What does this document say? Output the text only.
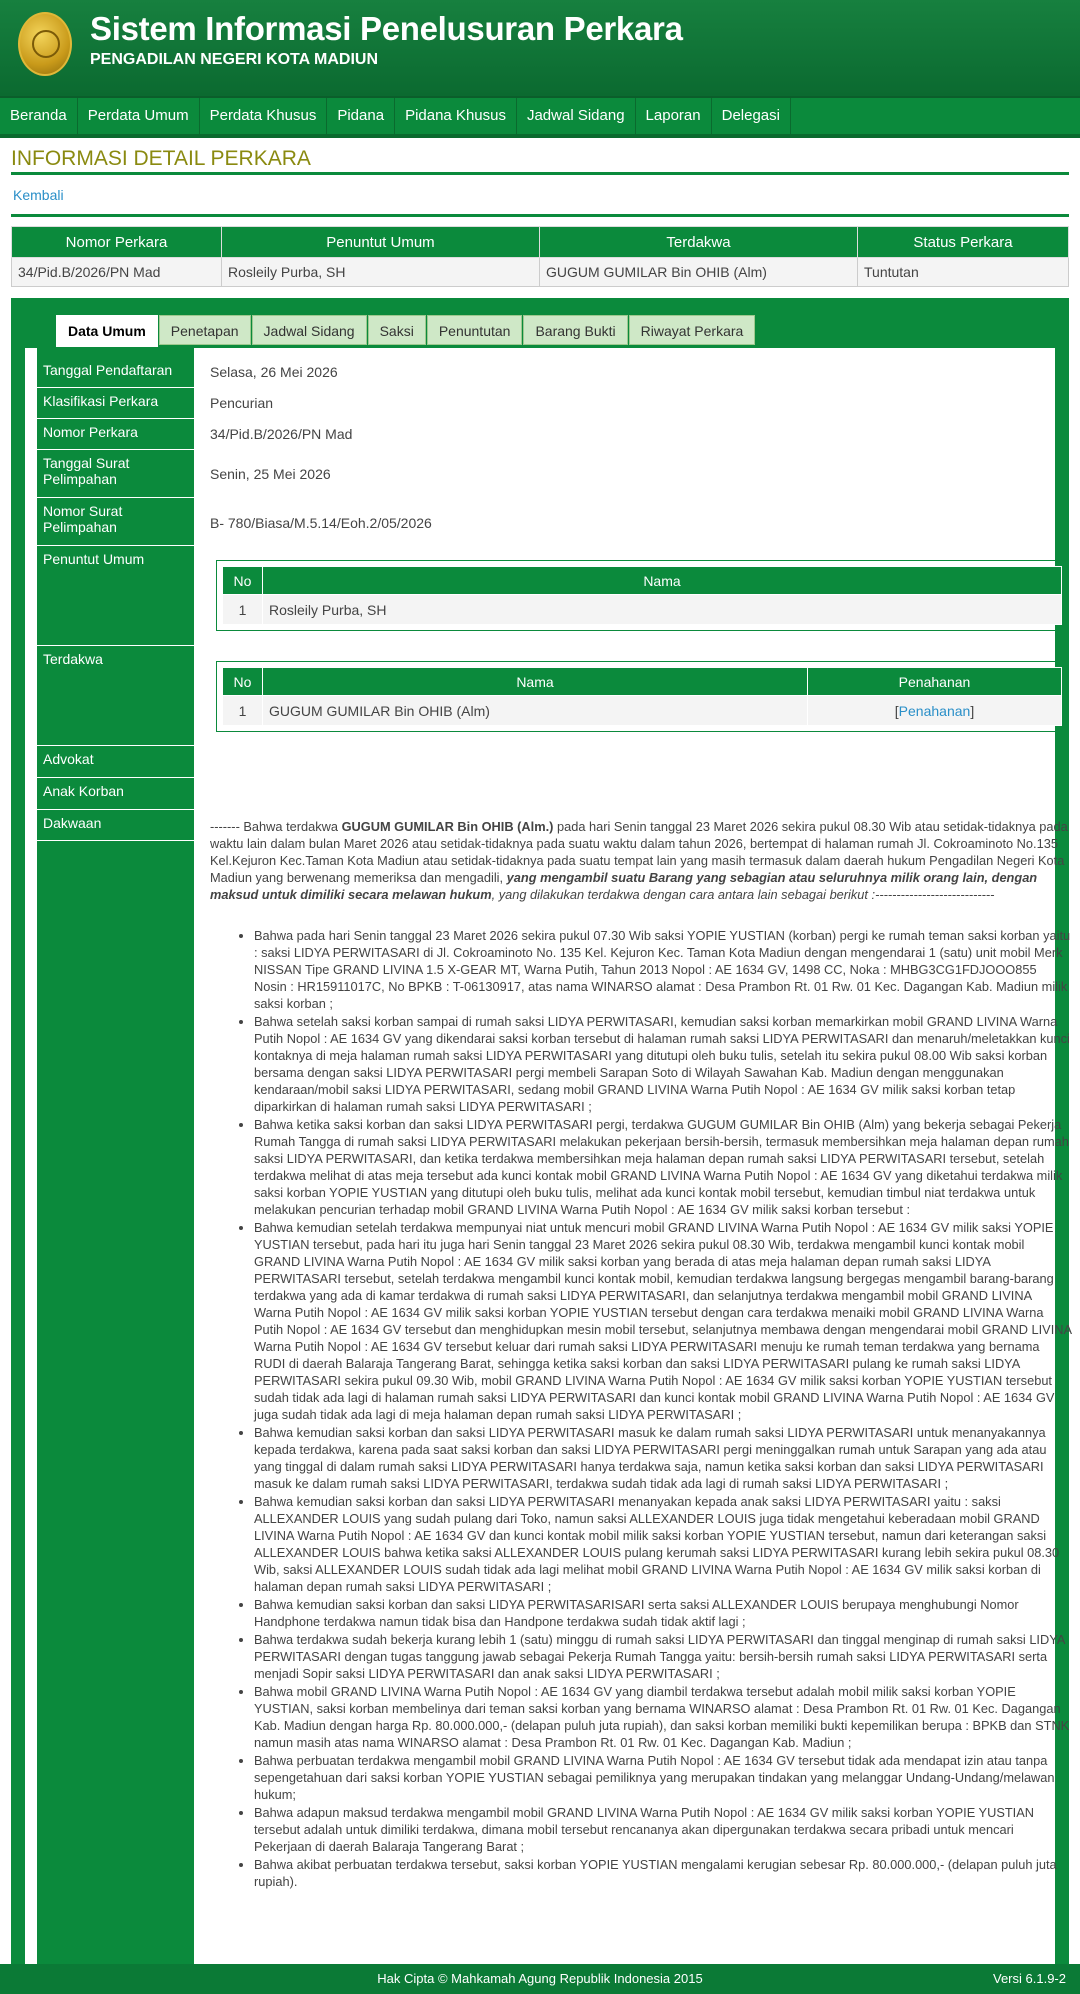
Sistem Informasi Penelusuran Perkara
PENGADILAN NEGERI KOTA MADIUN
Beranda	Perdata Umum	Perdata Khusus	Pidana	Pidana Khusus	Jadwal Sidang	Laporan	Delegasi
INFORMASI DETAIL PERKARA
Kembali
Nomor Perkara	Penuntut Umum	Terdakwa	Status Perkara
34/Pid.B/2026/PN Mad	Rosleily Purba, SH	GUGUM GUMILAR Bin OHIB (Alm)	Tuntutan
Data Umum	Penetapan	Jadwal Sidang	Saksi	Penuntutan	Barang Bukti	Riwayat Perkara
Tanggal Pendaftaran	Selasa, 26 Mei 2026
Klasifikasi Perkara	Pencurian
Nomor Perkara	34/Pid.B/2026/PN Mad
Tanggal Surat Pelimpahan	Senin, 25 Mei 2026
Nomor Surat Pelimpahan	B- 780/Biasa/M.5.14/Eoh.2/05/2026
Penuntut Umum
No	Nama
1	Rosleily Purba, SH
Terdakwa
No	Nama	Penahanan
1	GUGUM GUMILAR Bin OHIB (Alm)	[Penahanan]
Advokat
Anak Korban
Dakwaan	------- Bahwa terdakwa GUGUM GUMILAR Bin OHIB (Alm.) pada hari Senin tanggal 23 Maret 2026 sekira pukul 08.30 Wib atau setidak-tidaknya pada waktu lain dalam bulan Maret 2026 atau setidak-tidaknya pada suatu waktu dalam tahun 2026, bertempat di halaman rumah Jl. Cokroaminoto No.135 Kel.Kejuron Kec.Taman Kota Madiun atau setidak-tidaknya pada suatu tempat lain yang masih termasuk dalam daerah hukum Pengadilan Negeri Kota Madiun yang berwenang memeriksa dan mengadili, yang mengambil suatu Barang yang sebagian atau seluruhnya milik orang lain, dengan maksud untuk dimiliki secara melawan hukum, yang dilakukan terdakwa dengan cara antara lain sebagai berikut :----------------------------

• Bahwa pada hari Senin tanggal 23 Maret 2026 sekira pukul 07.30 Wib saksi YOPIE YUSTIAN (korban) pergi ke rumah teman saksi korban yaitu : saksi LIDYA PERWITASARI di Jl. Cokroaminoto No. 135 Kel. Kejuron Kec. Taman Kota Madiun dengan mengendarai 1 (satu) unit mobil Merk NISSAN Tipe GRAND LIVINA 1.5 X-GEAR MT, Warna Putih, Tahun 2013 Nopol : AE 1634 GV, 1498 CC, Noka : MHBG3CG1FDJOOO855 Nosin : HR15911017C, No BPKB : T-06130917, atas nama WINARSO alamat : Desa Prambon Rt. 01 Rw. 01 Kec. Dagangan Kab. Madiun milik saksi korban ;
• Bahwa setelah saksi korban sampai di rumah saksi LIDYA PERWITASARI, kemudian saksi korban memarkirkan mobil GRAND LIVINA Warna Putih Nopol : AE 1634 GV yang dikendarai saksi korban tersebut di halaman rumah saksi LIDYA PERWITASARI dan menaruh/meletakkan kunci kontaknya di meja halaman rumah saksi LIDYA PERWITASARI yang ditutupi oleh buku tulis, setelah itu sekira pukul 08.00 Wib saksi korban bersama dengan saksi LIDYA PERWITASARI pergi membeli Sarapan Soto di Wilayah Sawahan Kab. Madiun dengan menggunakan kendaraan/mobil saksi LIDYA PERWITASARI, sedang mobil GRAND LIVINA Warna Putih Nopol : AE 1634 GV milik saksi korban tetap diparkirkan di halaman rumah saksi LIDYA PERWITASARI ;
• Bahwa ketika saksi korban dan saksi LIDYA PERWITASARI pergi, terdakwa GUGUM GUMILAR Bin OHIB (Alm) yang bekerja sebagai Pekerja Rumah Tangga di rumah saksi LIDYA PERWITASARI melakukan pekerjaan bersih-bersih, termasuk membersihkan meja halaman depan rumah saksi LIDYA PERWITASARI, dan ketika terdakwa membersihkan meja halaman depan rumah saksi LIDYA PERWITASARI tersebut, setelah terdakwa melihat di atas meja tersebut ada kunci kontak mobil GRAND LIVINA Warna Putih Nopol : AE 1634 GV yang diketahui terdakwa milik saksi korban YOPIE YUSTIAN yang ditutupi oleh buku tulis, melihat ada kunci kontak mobil tersebut, kemudian timbul niat terdakwa untuk melakukan pencurian terhadap mobil GRAND LIVINA Warna Putih Nopol : AE 1634 GV milik saksi korban tersebut :
• Bahwa kemudian setelah terdakwa mempunyai niat untuk mencuri mobil GRAND LIVINA Warna Putih Nopol : AE 1634 GV milik saksi YOPIE YUSTIAN tersebut, pada hari itu juga hari Senin tanggal 23 Maret 2026 sekira pukul 08.30 Wib, terdakwa mengambil kunci kontak mobil GRAND LIVINA Warna Putih Nopol : AE 1634 GV milik saksi korban yang berada di atas meja halaman depan rumah saksi LIDYA PERWITASARI tersebut, setelah terdakwa mengambil kunci kontak mobil, kemudian terdakwa langsung bergegas mengambil barang-barang terdakwa yang ada di kamar terdakwa di rumah saksi LIDYA PERWITASARI, dan selanjutnya terdakwa mengambil mobil GRAND LIVINA Warna Putih Nopol : AE 1634 GV milik saksi korban YOPIE YUSTIAN tersebut dengan cara terdakwa menaiki mobil GRAND LIVINA Warna Putih Nopol : AE 1634 GV tersebut dan menghidupkan mesin mobil tersebut, selanjutnya membawa dengan mengendarai mobil GRAND LIVINA Warna Putih Nopol : AE 1634 GV tersebut keluar dari rumah saksi LIDYA PERWITASARI menuju ke rumah teman terdakwa yang bernama RUDI di daerah Balaraja Tangerang Barat, sehingga ketika saksi korban dan saksi LIDYA PERWITASARI pulang ke rumah saksi LIDYA PERWITASARI sekira pukul 09.30 Wib, mobil GRAND LIVINA Warna Putih Nopol : AE 1634 GV milik saksi korban YOPIE YUSTIAN tersebut sudah tidak ada lagi di halaman rumah saksi LIDYA PERWITASARI dan kunci kontak mobil GRAND LIVINA Warna Putih Nopol : AE 1634 GV juga sudah tidak ada lagi di meja halaman depan rumah saksi LIDYA PERWITASARI ;
• Bahwa kemudian saksi korban dan saksi LIDYA PERWITASARI masuk ke dalam rumah saksi LIDYA PERWITASARI untuk menanyakannya kepada terdakwa, karena pada saat saksi korban dan saksi LIDYA PERWITASARI pergi meninggalkan rumah untuk Sarapan yang ada atau yang tinggal di dalam rumah saksi LIDYA PERWITASARI hanya terdakwa saja, namun ketika saksi korban dan saksi LIDYA PERWITASARI masuk ke dalam rumah saksi LIDYA PERWITASARI, terdakwa sudah tidak ada lagi di rumah saksi LIDYA PERWITASARI ;
• Bahwa kemudian saksi korban dan saksi LIDYA PERWITASARI menanyakan kepada anak saksi LIDYA PERWITASARI yaitu : saksi ALLEXANDER LOUIS yang sudah pulang dari Toko, namun saksi ALLEXANDER LOUIS juga tidak mengetahui keberadaan mobil GRAND LIVINA Warna Putih Nopol : AE 1634 GV dan kunci kontak mobil milik saksi korban YOPIE YUSTIAN tersebut, namun dari keterangan saksi ALLEXANDER LOUIS bahwa ketika saksi ALLEXANDER LOUIS pulang kerumah saksi LIDYA PERWITASARI kurang lebih sekira pukul 08.30 Wib, saksi ALLEXANDER LOUIS sudah tidak ada lagi melihat mobil GRAND LIVINA Warna Putih Nopol : AE 1634 GV milik saksi korban di halaman depan rumah saksi LIDYA PERWITASARI ;
• Bahwa kemudian saksi korban dan saksi LIDYA PERWITASARISARI serta saksi ALLEXANDER LOUIS berupaya menghubungi Nomor Handphone terdakwa namun tidak bisa dan Handpone terdakwa sudah tidak aktif lagi ;
• Bahwa terdakwa sudah bekerja kurang lebih 1 (satu) minggu di rumah saksi LIDYA PERWITASARI dan tinggal menginap di rumah saksi LIDYA PERWITASARI dengan tugas tanggung jawab sebagai Pekerja Rumah Tangga yaitu: bersih-bersih rumah saksi LIDYA PERWITASARI serta menjadi Sopir saksi LIDYA PERWITASARI dan anak saksi LIDYA PERWITASARI ;
• Bahwa mobil GRAND LIVINA Warna Putih Nopol : AE 1634 GV yang diambil terdakwa tersebut adalah mobil milik saksi korban YOPIE YUSTIAN, saksi korban membelinya dari teman saksi korban yang bernama WINARSO alamat : Desa Prambon Rt. 01 Rw. 01 Kec. Dagangan Kab. Madiun dengan harga Rp. 80.000.000,- (delapan puluh juta rupiah), dan saksi korban memiliki bukti kepemilikan berupa : BPKB dan STNK namun masih atas nama WINARSO alamat : Desa Prambon Rt. 01 Rw. 01 Kec. Dagangan Kab. Madiun ;
• Bahwa perbuatan terdakwa mengambil mobil GRAND LIVINA Warna Putih Nopol : AE 1634 GV tersebut tidak ada mendapat izin atau tanpa sepengetahuan dari saksi korban YOPIE YUSTIAN sebagai pemiliknya yang merupakan tindakan yang melanggar Undang-Undang/melawan hukum;
• Bahwa adapun maksud terdakwa mengambil mobil GRAND LIVINA Warna Putih Nopol : AE 1634 GV milik saksi korban YOPIE YUSTIAN tersebut adalah untuk dimiliki terdakwa, dimana mobil tersebut rencananya akan dipergunakan terdakwa secara pribadi untuk mencari Pekerjaan di daerah Balaraja Tangerang Barat ;
• Bahwa akibat perbuatan terdakwa tersebut, saksi korban YOPIE YUSTIAN mengalami kerugian sebesar Rp. 80.000.000,- (delapan puluh juta rupiah).
Hak Cipta © Mahkamah Agung Republik Indonesia 2015	Versi 6.1.9-2
